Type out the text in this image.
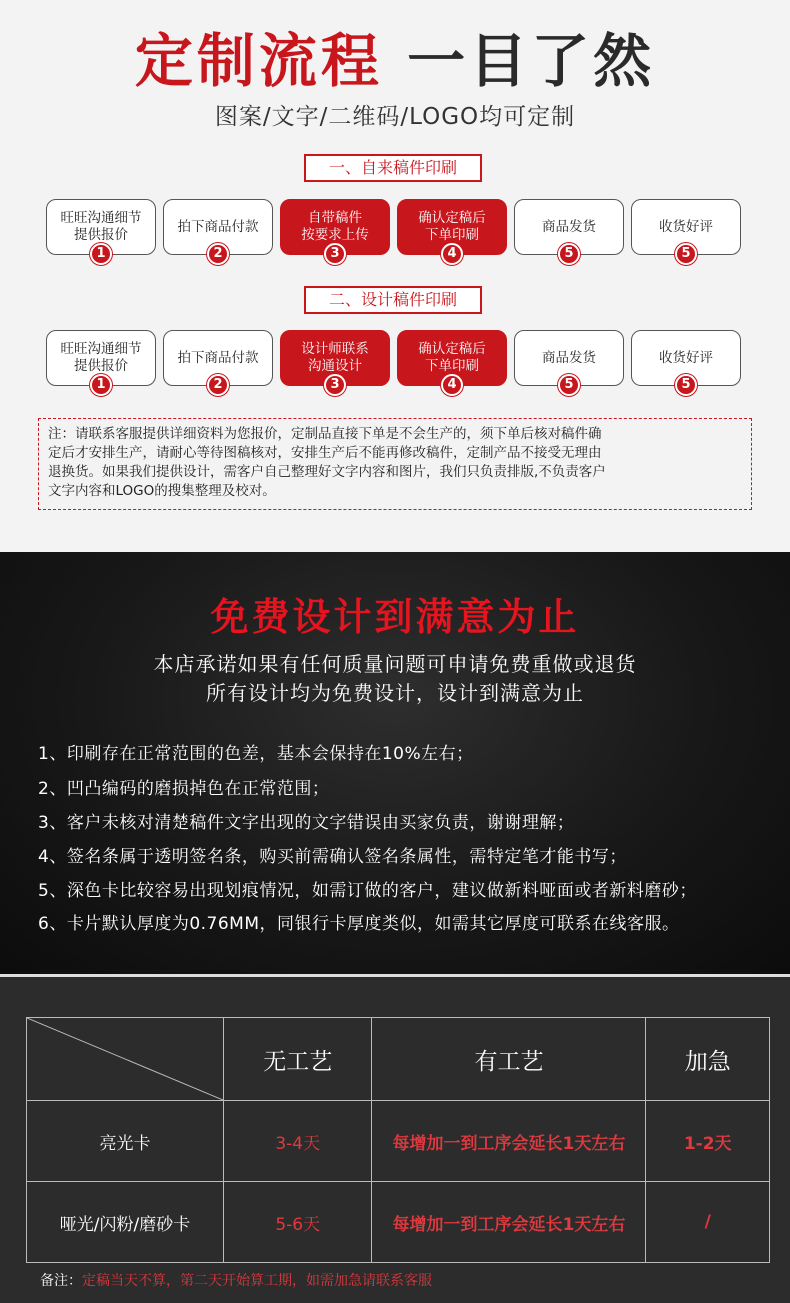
定制流程 一目了然
图案/文字/二维码/LOGO均可定制
一、自来稿件印刷
旺旺沟通细节
提供报价
1
拍下商品付款
2
自带稿件
按要求上传
3
确认定稿后
下单印刷
4
商品发货
5
收货好评
5
二、设计稿件印刷
旺旺沟通细节
提供报价
1
拍下商品付款
2
设计师联系
沟通设计
3
确认定稿后
下单印刷
4
商品发货
5
收货好评
5
注：请联系客服提供详细资料为您报价，定制品直接下单是不会生产的，须下单后核对稿件确
定后才安排生产，请耐心等待图稿核对，安排生产后不能再修改稿件，定制产品不接受无理由
退换货。如果我们提供设计，需客户自己整理好文字内容和图片，我们只负责排版,不负责客户
文字内容和LOGO的搜集整理及校对。
免费设计到满意为止
本店承诺如果有任何质量问题可申请免费重做或退货
所有设计均为免费设计，设计到满意为止
1、印刷存在正常范围的色差，基本会保持在10%左右；
2、凹凸编码的磨损掉色在正常范围；
3、客户未核对清楚稿件文字出现的文字错误由买家负责，谢谢理解；
4、签名条属于透明签名条，购买前需确认签名条属性，需特定笔才能书写；
5、深色卡比较容易出现划痕情况，如需订做的客户，建议做新料哑面或者新料磨砂；
6、卡片默认厚度为0.76MM，同银行卡厚度类似，如需其它厚度可联系在线客服。
	无工艺	有工艺	加急
亮光卡	3-4天	每增加一到工序会延长1天左右	1-2天
哑光/闪粉/磨砂卡	5-6天	每增加一到工序会延长1天左右	/
备注：定稿当天不算，第二天开始算工期，如需加急请联系客服
